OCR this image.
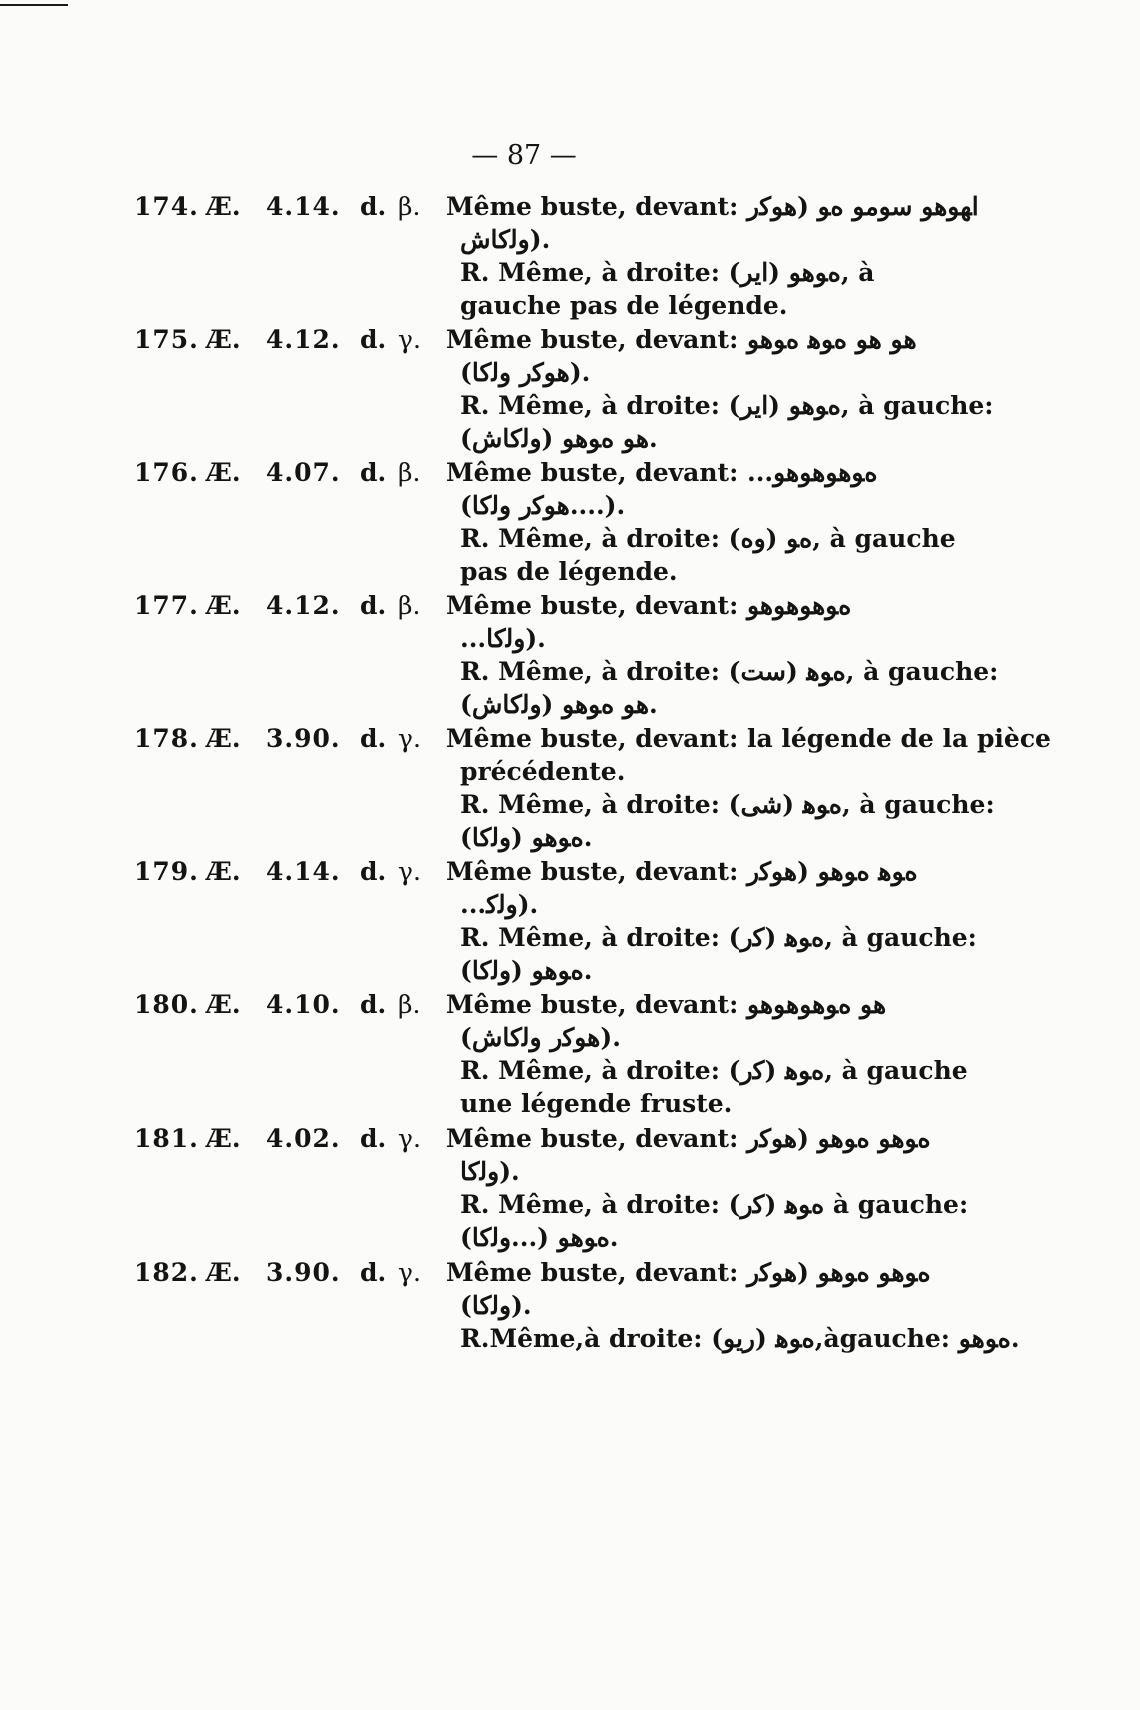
— 87 —
174. Æ. 4.14. d. β. Même buste, devant: ﺍﻬﻮﻫﻮ ﺳﻮﻣﻮ ﻩﻮ (ﻫﻮﮐﺭ
ﻭﻟﮐﺎﺵ).
R. Même, à droite: ﻩﻮﻫﻮ (ﺍﻳﺮ), à
gauche pas de légende.
175. Æ. 4.12. d. γ. Même buste, devant: ﻫﻮ ﻫﻮ ﻩﻮﻫ ﻩﻮﻫﻮ
(ﻫﻮﮐﺭ ﻭﻟﮐﺎ).
R. Même, à droite: ﻩﻮﻫﻮ (ﺍﻳﺮ), à gauche:
ﻫﻮ ﻩﻮﻫﻮ (ﻭﻟﮐﺎﺵ).
176. Æ. 4.07. d. β. Même buste, devant: ...ﻩﻮﻫﻮﻫﻮﻫﻮ
(ﻫﻮﮐﺭ ﻭﻟﮐﺎ....).
R. Même, à droite: ﻩﻮ (ﻭﻩ), à gauche
pas de légende.
177. Æ. 4.12. d. β. Même buste, devant: ﻩﻮﻫﻮﻫﻮﻫﻮ
...ﻭﻟﮐﺎ).
R. Même, à droite: ﻩﻮﻫ (ﺳﺖ), à gauche:
ﻫﻮ ﻩﻮﻫﻮ (ﻭﻟﮐﺎﺵ).
178. Æ. 3.90. d. γ. Même buste, devant: la légende de la pièce
précédente.
R. Même, à droite: ﻩﻮﻫ (ﺷﻰ), à gauche:
ﻩﻮﻫﻮ (ﻭﻟﮐﺎ).
179. Æ. 4.14. d. γ. Même buste, devant: ﻩﻮﻫ ﻩﻮﻫﻮ (ﻫﻮﮐﺭ
...ﻭﻟﮐ).
R. Même, à droite: ﻩﻮﻫ (ﮐﺭ), à gauche:
ﻩﻮﻫﻮ (ﻭﻟﮐﺎ).
180. Æ. 4.10. d. β. Même buste, devant: ﻫﻮ ﻩﻮﻫﻮﻫﻮﻫﻮ
(ﻫﻮﮐﺭ ﻭﻟﮐﺎﺵ).
R. Même, à droite: ﻩﻮﻫ (ﮐﺭ), à gauche
une légende fruste.
181. Æ. 4.02. d. γ. Même buste, devant: ﻩﻮﻫﻮ ﻩﻮﻫﻮ (ﻫﻮﮐﺭ
ﻭﻟﮐﺎ).
R. Même, à droite: ﻩﻮﻫ (ﮐﺭ) à gauche:
ﻩﻮﻫﻮ (...ﻭﻟﮐﺎ).
182. Æ. 3.90. d. γ. Même buste, devant: ﻩﻮﻫﻮ ﻩﻮﻫﻮ (ﻫﻮﮐﺭ
(ﻭﻟﮐﺎ).
R.Même,à droite: ﻩﻮﻫ (ﺭﻳﻮ),àgauche: ﻩﻮﻫﻮ.
